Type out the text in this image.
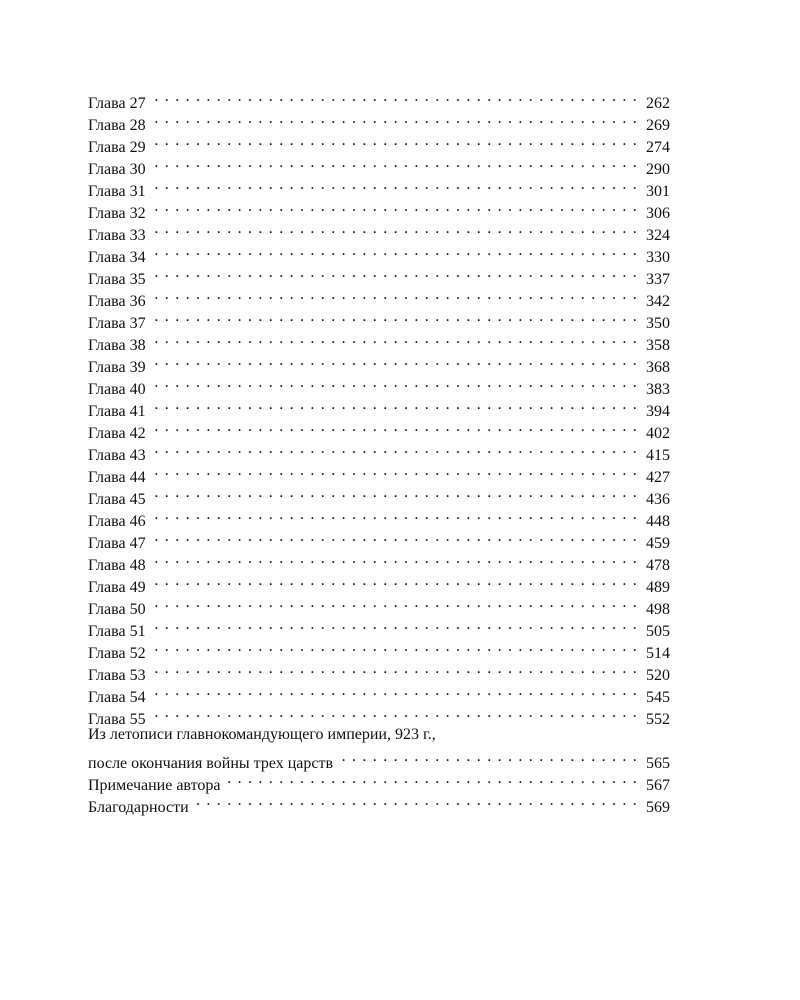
Глава 27 . . .	262
Глава 28 . . .	269
Глава 29 . . .	274
Глава 30 . . .	290
Глава 31 . . .	301
Глава 32 . . .	306
Глава 33 . . .	324
Глава 34 . . .	330
Глава 35 . . .	337
Глава 36 . . .	342
Глава 37 . . .	350
Глава 38 . . .	358
Глава 39 . . .	368
Глава 40 . . .	383
Глава 41 . . .	394
Глава 42 . . .	402
Глава 43 . . .	415
Глава 44 . . .	427
Глава 45 . . .	436
Глава 46 . . .	448
Глава 47 . . .	459
Глава 48 . . .	478
Глава 49 . . .	489
Глава 50 . . .	498
Глава 51 . . .	505
Глава 52 . . .	514
Глава 53 . . .	520
Глава 54 . . .	545
Глава 55 . . .	552
Из летописи главнокомандующего империи, 923 г.,
после окончания войны трех царств . . .	565
Примечание автора . . .	567
Благодарности . . .	569
